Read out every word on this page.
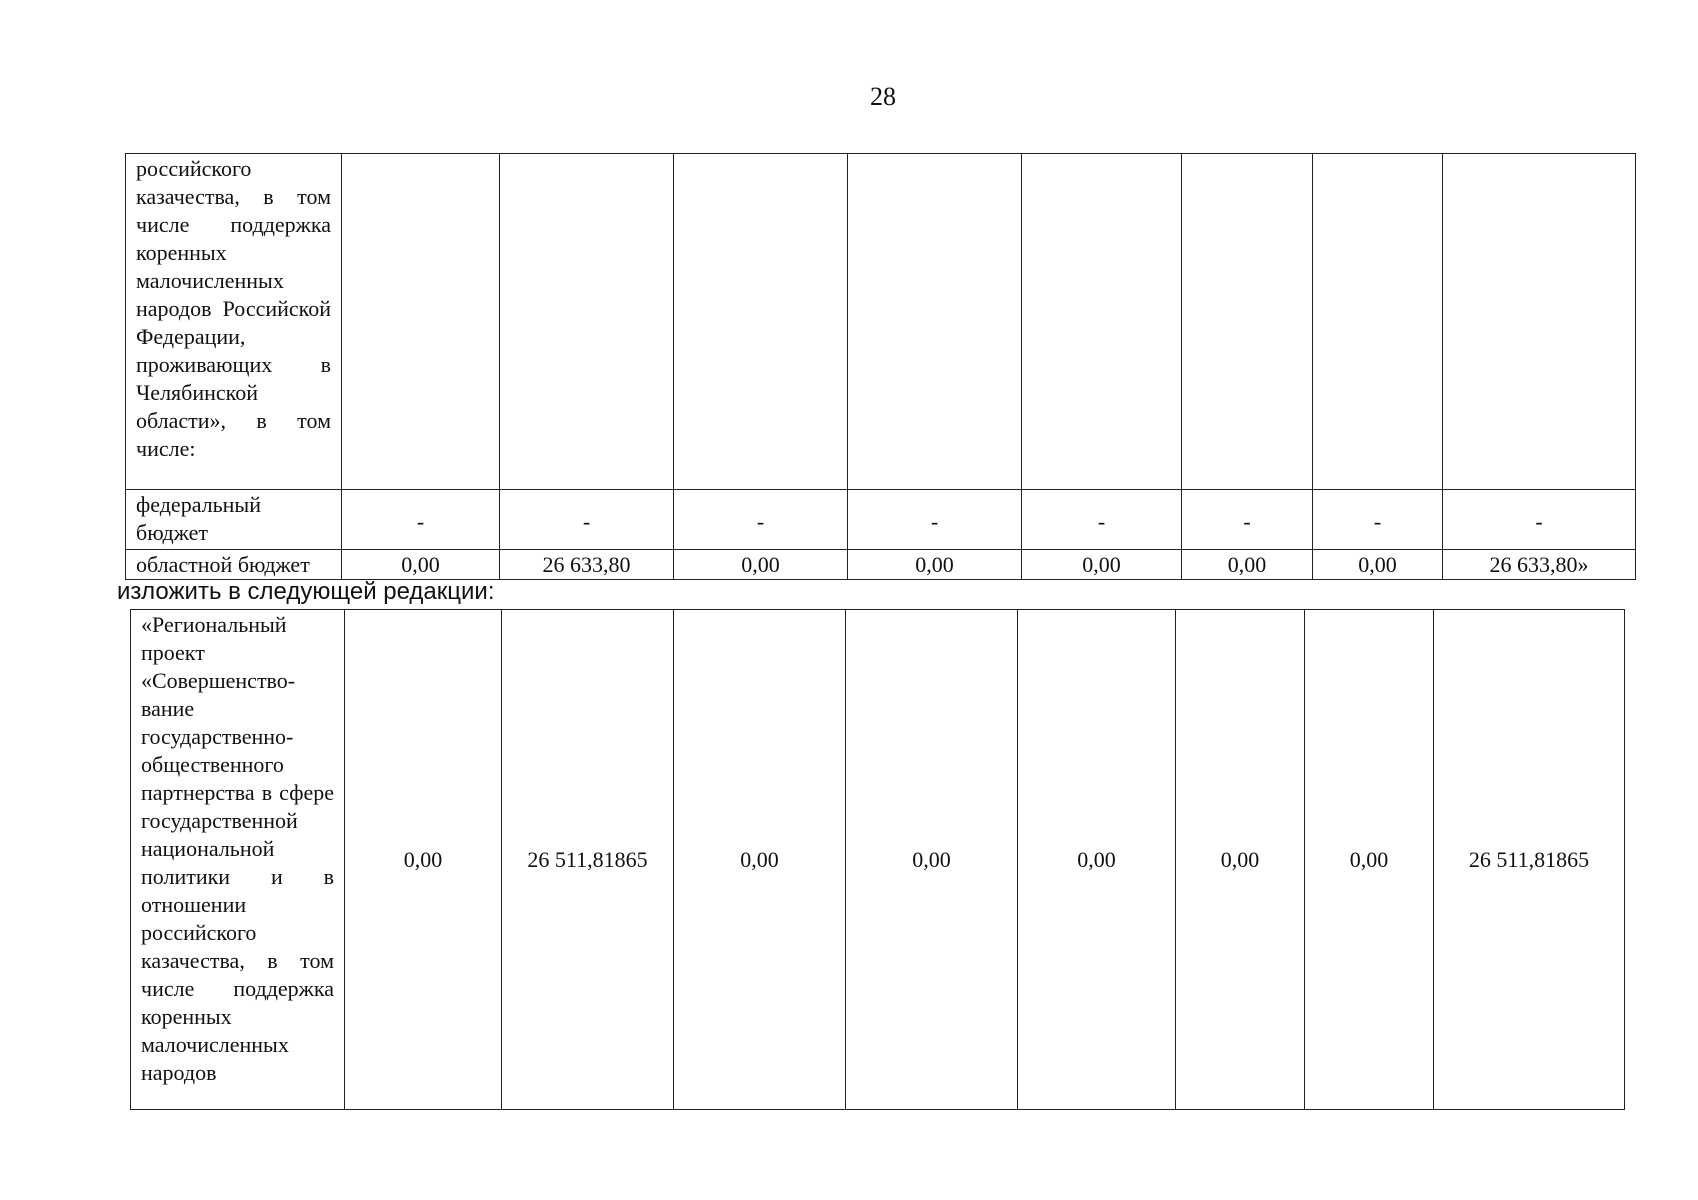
28
российского казачества, в том числе поддержка коренных малочисленных народов Российской Федерации, проживающих в Челябинской области», в том числе:								
федеральный бюджет	-	-	-	-	-	-	-	-
областной бюджет	0,00	26 633,80	0,00	0,00	0,00	0,00	0,00	26 633,80»
изложить в следующей редакции:
«Региональный проект «Совершенство-вание государственно-общественного партнерства в сфере государственной национальной политики и в отношении российского казачества, в том числе поддержка коренных малочисленных народов	0,00	26 511,81865	0,00	0,00	0,00	0,00	0,00	26 511,81865
